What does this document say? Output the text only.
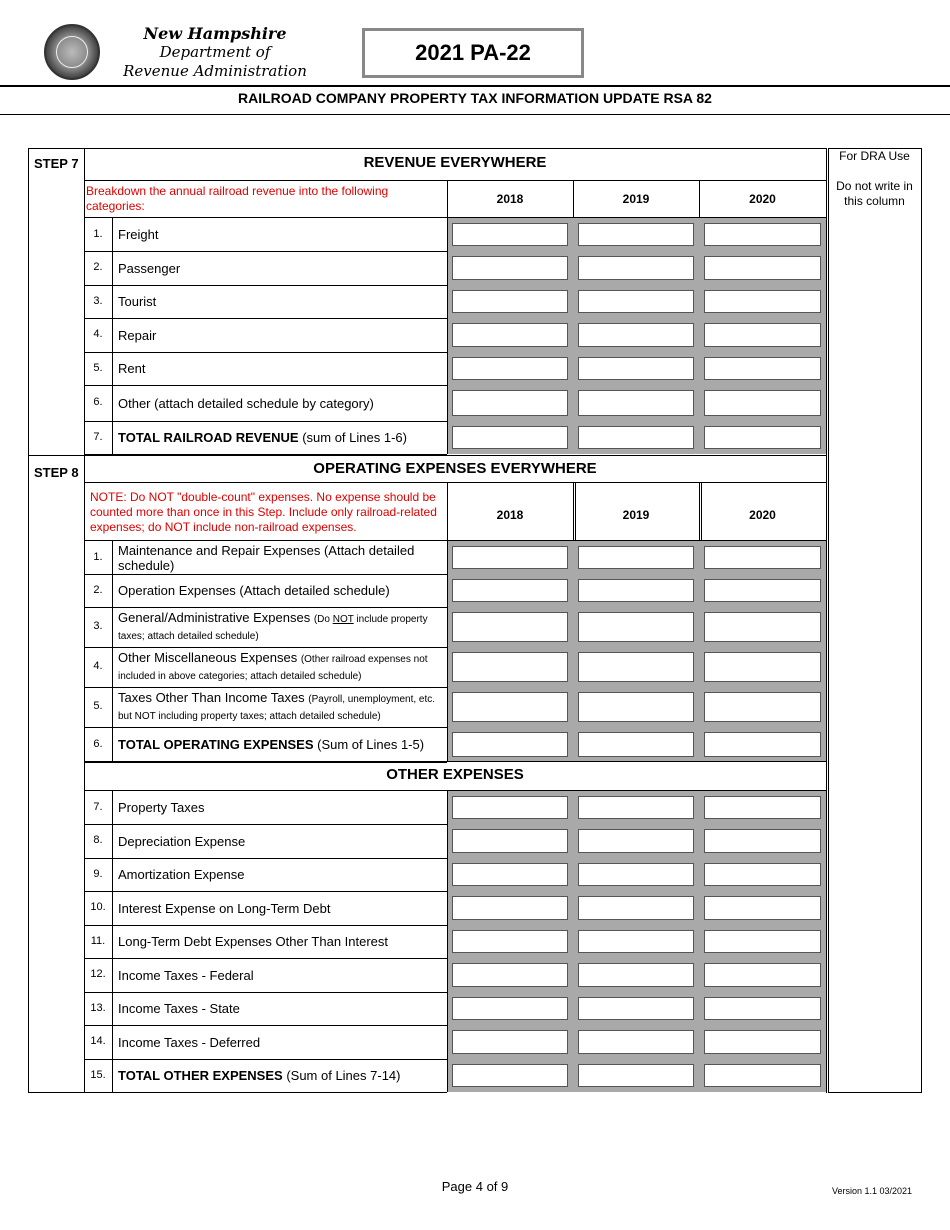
New Hampshire
Department of
Revenue Administration
2021 PA-22
RAILROAD COMPANY PROPERTY TAX INFORMATION UPDATE RSA 82
For DRA Use
Do not write in this column
STEP 7	REVENUE EVERYWHERE
Breakdown the annual railroad revenue into the following categories:	2018	2019	2020
1.	Freight
2.	Passenger
3.	Tourist
4.	Repair
5.	Rent
6.	Other (attach detailed schedule by category)
7.	TOTAL RAILROAD REVENUE (sum of Lines 1-6)
STEP 8	OPERATING EXPENSES EVERYWHERE
NOTE: Do NOT "double-count" expenses. No expense should be counted more than once in this Step. Include only railroad-related expenses; do NOT include non-railroad expenses.
2018	2019	2020
1.	Maintenance and Repair Expenses (Attach detailed schedule)
2.	Operation Expenses (Attach detailed schedule)
3.
General/Administrative Expenses (Do NOT include property taxes; attach detailed schedule)
4.
Other Miscellaneous Expenses (Other railroad expenses not included in above categories; attach detailed schedule)
5.
Taxes Other Than Income Taxes (Payroll, unemployment, etc. but NOT including property taxes; attach detailed schedule)
6.	TOTAL OPERATING EXPENSES (Sum of Lines 1-5)
OTHER EXPENSES
7.	Property Taxes
8.	Depreciation Expense
9.	Amortization Expense
10. Interest Expense on Long-Term Debt
11. Long-Term Debt Expenses Other Than Interest
12. Income Taxes - Federal
13. Income Taxes - State
14. Income Taxes - Deferred
15. TOTAL OTHER EXPENSES (Sum of Lines 7-14)
Page 4 of 9	Version 1.1 03/2021
